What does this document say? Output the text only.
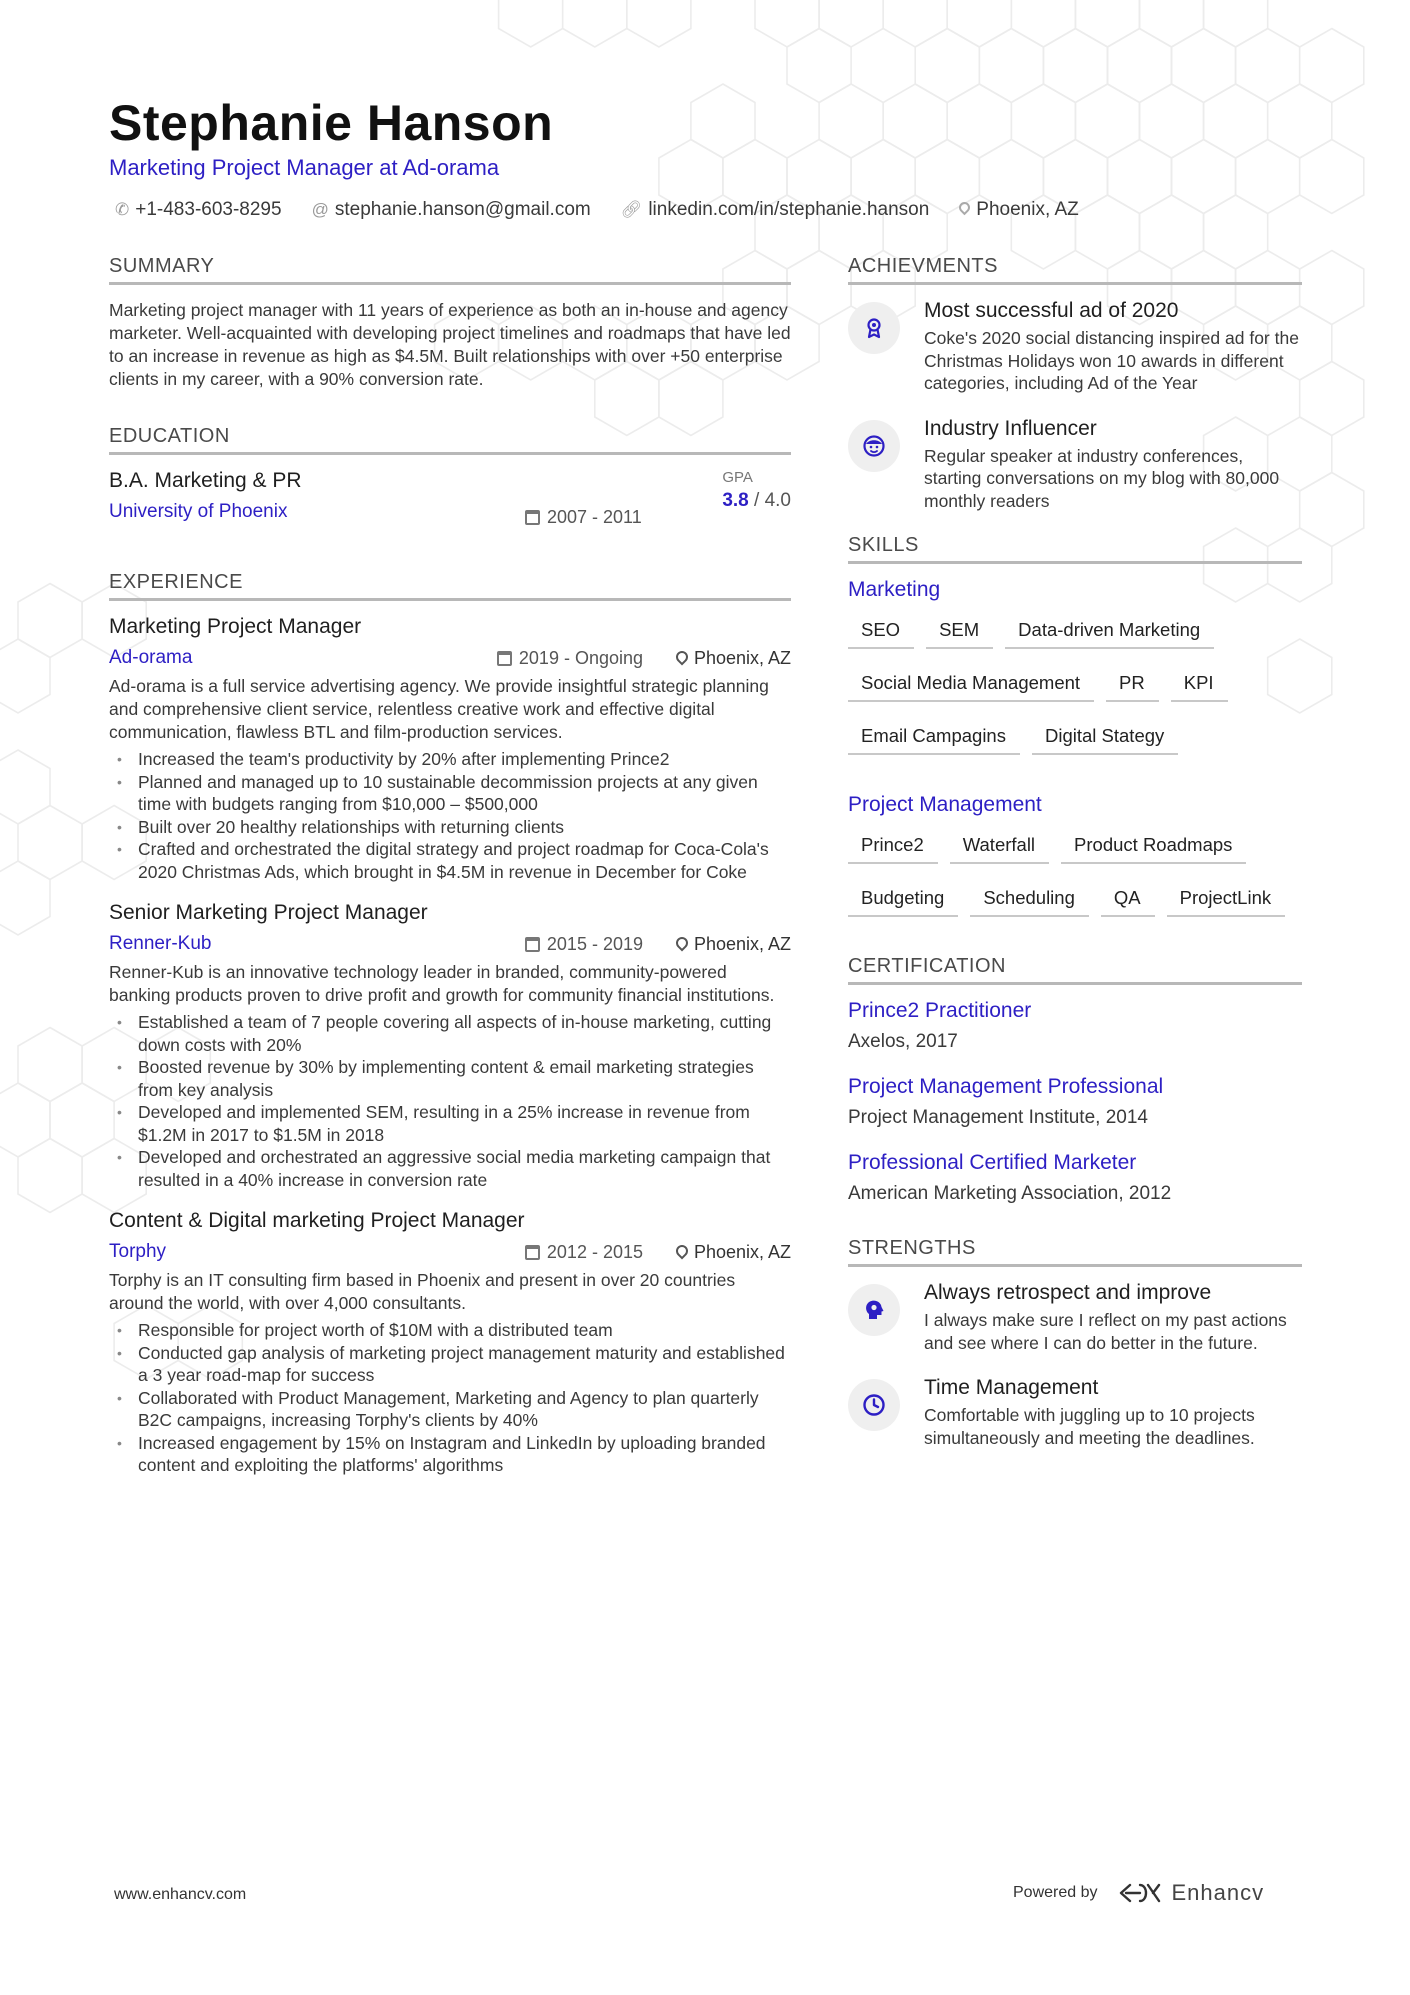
Stephanie Hanson
Marketing Project Manager at Ad-orama
✆ +1-483-603-8295 @ stephanie.hanson@gmail.com 🔗︎ linkedin.com/in/stephanie.hanson Phoenix, AZ
SUMMARY

Marketing project manager with 11 years of experience as both an in-house and agency marketer. Well-acquainted with developing project timelines and roadmaps that have led to an increase in revenue as high as $4.5M. Built relationships with over +50 enterprise clients in my career, with a 90% conversion rate.

EDUCATION
B.A. Marketing & PR
University of Phoenix	2007 - 2011
GPA
3.8 / 4.0
EXPERIENCE
Marketing Project Manager
Ad-orama	2019 - Ongoing	Phoenix, AZ

Ad-orama is a full service advertising agency. We provide insightful strategic planning and comprehensive client service, relentless creative work and effective digital communication, flawless BTL and film-production services.

• Increased the team's productivity by 20% after implementing Prince2
• Planned and managed up to 10 sustainable decommission projects at any given time with budgets ranging from $10,000 – $500,000
• Built over 20 healthy relationships with returning clients
• Crafted and orchestrated the digital strategy and project roadmap for Coca-Cola's 2020 Christmas Ads, which brought in $4.5M in revenue in December for Coke
Senior Marketing Project Manager
Renner-Kub	2015 - 2019	Phoenix, AZ

Renner-Kub is an innovative technology leader in branded, community-powered banking products proven to drive profit and growth for community financial institutions.

• Established a team of 7 people covering all aspects of in-house marketing, cutting down costs with 20%
• Boosted revenue by 30% by implementing content & email marketing strategies from key analysis
• Developed and implemented SEM, resulting in a 25% increase in revenue from $1.2M in 2017 to $1.5M in 2018
• Developed and orchestrated an aggressive social media marketing campaign that resulted in a 40% increase in conversion rate
Content & Digital marketing Project Manager
Torphy	2012 - 2015	Phoenix, AZ

Torphy is an IT consulting firm based in Phoenix and present in over 20 countries around the world, with over 4,000 consultants.

• Responsible for project worth of $10M with a distributed team
• Conducted gap analysis of marketing project management maturity and established a 3 year road-map for success
• Collaborated with Product Management, Marketing and Agency to plan quarterly B2C campaigns, increasing Torphy's clients by 40%
• Increased engagement by 15% on Instagram and LinkedIn by uploading branded content and exploiting the platforms' algorithms
ACHIEVMENTS
Most successful ad of 2020
Coke's 2020 social distancing inspired ad for the Christmas Holidays won 10 awards in different categories, including Ad of the Year
Industry Influencer
Regular speaker at industry conferences, starting conversations on my blog with 80,000 monthly readers
SKILLS
Marketing
SEO	SEM	Data-driven Marketing
Social Media Management	PR	KPI
Email Campagins	Digital Stategy
Project Management
Prince2	Waterfall	Product Roadmaps
Budgeting	Scheduling	QA	ProjectLink
CERTIFICATION
Prince2 Practitioner
Axelos, 2017
Project Management Professional
Project Management Institute, 2014
Professional Certified Marketer
American Marketing Association, 2012
STRENGTHS
Always retrospect and improve
I always make sure I reflect on my past actions and see where I can do better in the future.
Time Management
Comfortable with juggling up to 10 projects simultaneously and meeting the deadlines.
www.enhancv.com	Powered by	Enhancv
